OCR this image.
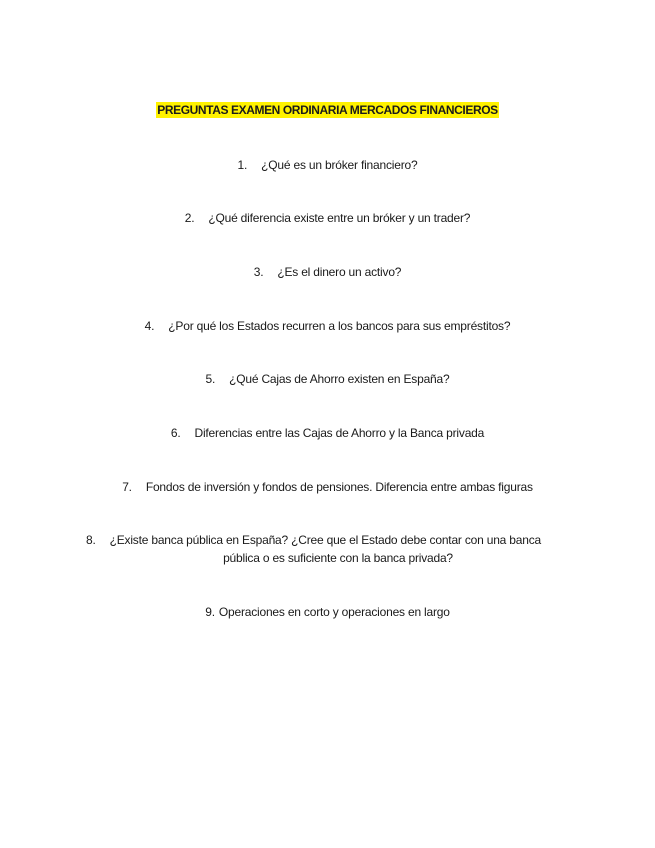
PREGUNTAS EXAMEN ORDINARIA MERCADOS FINANCIEROS
1. ¿Qué es un bróker financiero?
2. ¿Qué diferencia existe entre un bróker y un trader?
3. ¿Es el dinero un activo?
4. ¿Por qué los Estados recurren a los bancos para sus empréstitos?
5. ¿Qué Cajas de Ahorro existen en España?
6. Diferencias entre las Cajas de Ahorro y la Banca privada
7. Fondos de inversión y fondos de pensiones. Diferencia entre ambas figuras
8. ¿Existe banca pública en España? ¿Cree que el Estado debe contar con una banca
pública o es suficiente con la banca privada?
9. Operaciones en corto y operaciones en largo
